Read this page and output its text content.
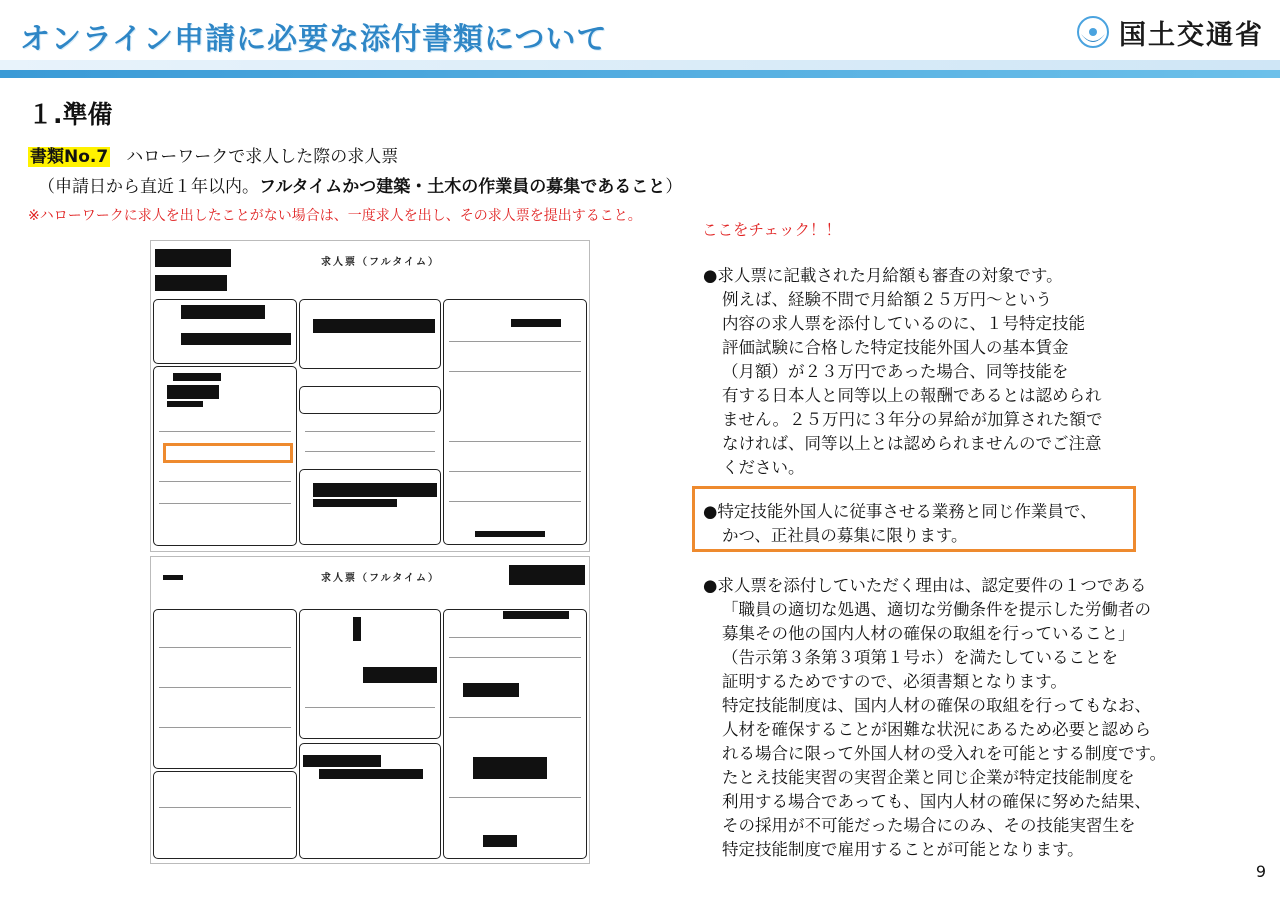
オンライン申請に必要な添付書類について	国土交通省
１.準備
書類No.7 ハローワークで求人した際の求人票
（申請日から直近１年以内。フルタイムかつ建築・土木の作業員の募集であること）
※ハローワークに求人を出したことがない場合は、一度求人を出し、その求人票を提出すること。
求人票（フルタイム）
求人票（フルタイム）
ここをチェック！！
●求人票に記載された月給額も審査の対象です。
例えば、経験不問で月給額２５万円～という
内容の求人票を添付しているのに、１号特定技能
評価試験に合格した特定技能外国人の基本賃金
（月額）が２３万円であった場合、同等技能を
有する日本人と同等以上の報酬であるとは認められ
ません。２５万円に３年分の昇給が加算された額で
なければ、同等以上とは認められませんのでご注意
ください。
●特定技能外国人に従事させる業務と同じ作業員で、
かつ、正社員の募集に限ります。
●求人票を添付していただく理由は、認定要件の１つである
「職員の適切な処遇、適切な労働条件を提示した労働者の
募集その他の国内人材の確保の取組を行っていること」
（告示第３条第３項第１号ホ）を満たしていることを
証明するためですので、必須書類となります。
特定技能制度は、国内人材の確保の取組を行ってもなお、
人材を確保することが困難な状況にあるため必要と認めら
れる場合に限って外国人材の受入れを可能とする制度です。
たとえ技能実習の実習企業と同じ企業が特定技能制度を
利用する場合であっても、国内人材の確保に努めた結果、
その採用が不可能だった場合にのみ、その技能実習生を
特定技能制度で雇用することが可能となります。
9
